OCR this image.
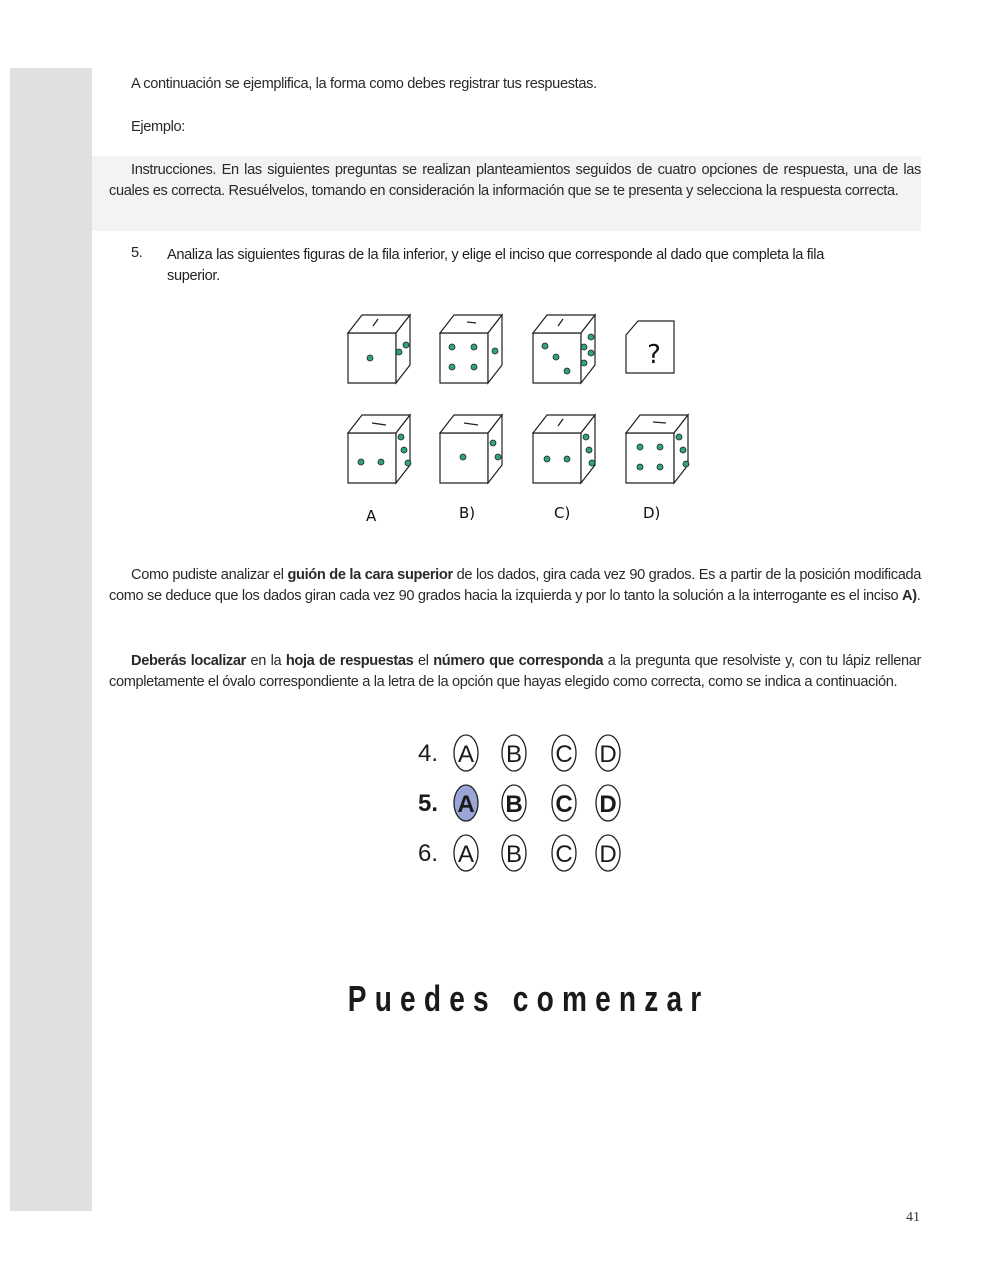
A continuación se ejemplifica, la forma como debes registrar tus respuestas.
Ejemplo:
Instrucciones. En las siguientes preguntas se realizan planteamientos seguidos de cuatro opciones de respuesta, una de las cuales es correcta. Resuélvelos, tomando en consideración la información que se te presenta y selecciona la respuesta correcta.
5. Analiza las siguientes figuras de la fila inferior, y elige el inciso que corresponde al dado que completa la fila superior.
?
A	B)	C)	D)
Como pudiste analizar el guión de la cara superior de los dados, gira cada vez 90 grados. Es a partir de la posición modificada como se deduce que los dados giran cada vez 90 grados hacia la izquierda y por lo tanto la solución a la interrogante es el inciso A).
Deberás localizar en la hoja de respuestas el número que corresponda a la pregunta que resolviste y, con tu lápiz rellenar completamente el óvalo correspondiente a la letra de la opción que hayas elegido como correcta, como se indica a continuación.
4. A B C D
5. A B C D
6. A B C D
Puedes comenzar
41
